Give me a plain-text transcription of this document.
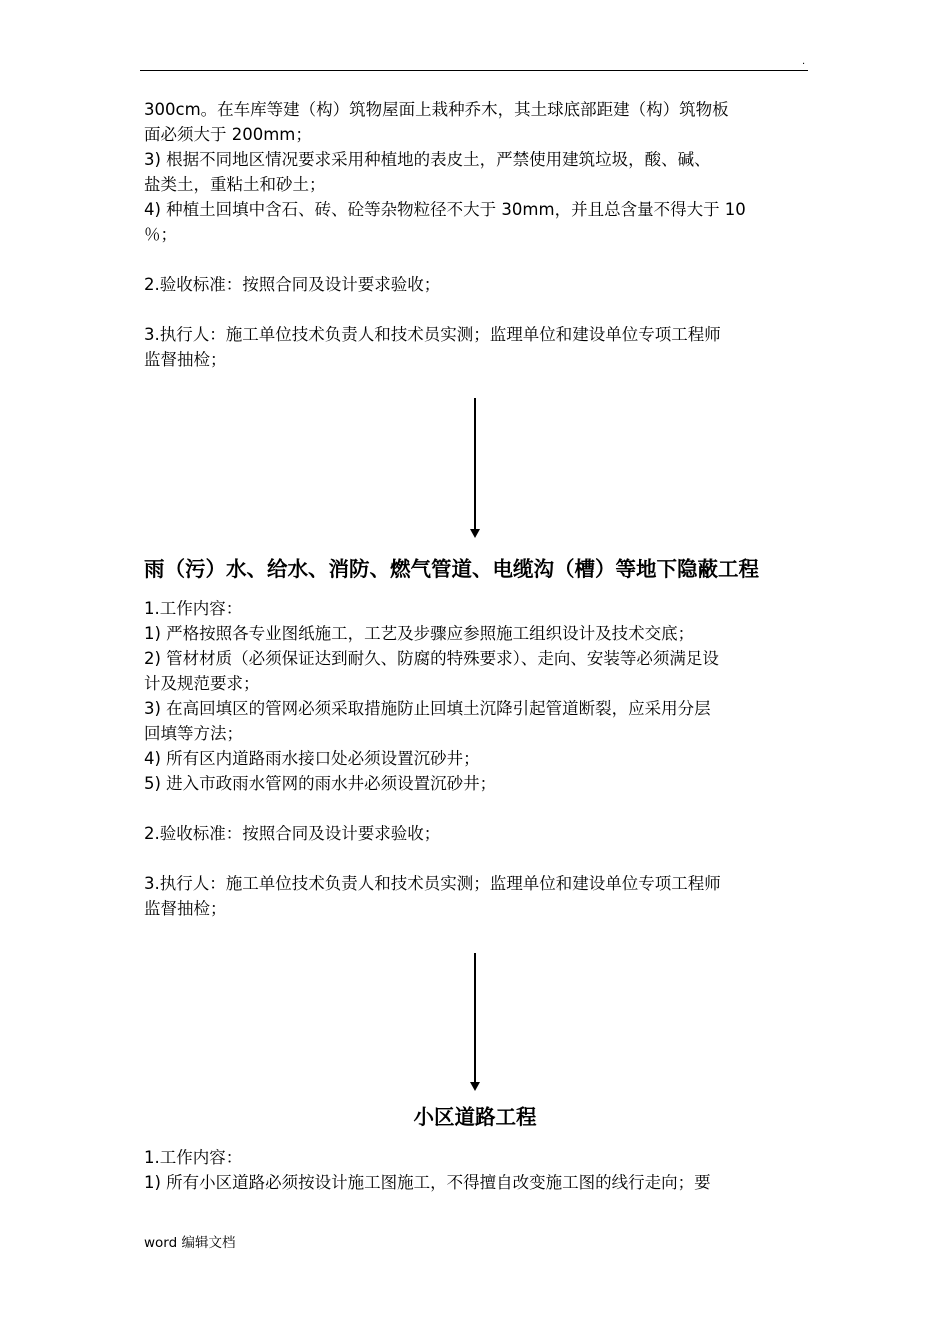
.
300cm。在车库等建（构）筑物屋面上栽种乔木，其土球底部距建（构）筑物板
面必须大于 200mm；
3) 根据不同地区情况要求采用种植地的表皮土，严禁使用建筑垃圾，酸、碱、
盐类土，重粘土和砂土；
4) 种植土回填中含石、砖、砼等杂物粒径不大于 30mm，并且总含量不得大于 10
％；
2.验收标准：按照合同及设计要求验收；
3.执行人：施工单位技术负责人和技术员实测；监理单位和建设单位专项工程师
监督抽检；
雨（污）水、给水、消防、燃气管道、电缆沟（槽）等地下隐蔽工程
1.工作内容：
1) 严格按照各专业图纸施工，工艺及步骤应参照施工组织设计及技术交底；
2) 管材材质（必须保证达到耐久、防腐的特殊要求）、走向、安装等必须满足设
计及规范要求；
3) 在高回填区的管网必须采取措施防止回填土沉降引起管道断裂，应采用分层
回填等方法；
4) 所有区内道路雨水接口处必须设置沉砂井；
5) 进入市政雨水管网的雨水井必须设置沉砂井；
2.验收标准：按照合同及设计要求验收；
3.执行人：施工单位技术负责人和技术员实测；监理单位和建设单位专项工程师
监督抽检；
小区道路工程
1.工作内容：
1) 所有小区道路必须按设计施工图施工，不得擅自改变施工图的线行走向；要
word 编辑文档
